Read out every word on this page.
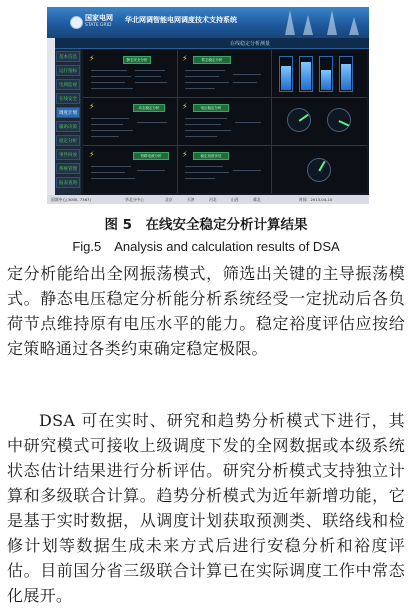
国家电网
STATE GRID
华北网调智能电网调度技术支持系统
在线稳定分析测量
基本信息
运行指标
电网监视
在线安全
调度计划
辅助决策
稳定分析
事件回放
系统管理
报表查询
⚡	静态安全分析	⚡	暂态稳定分析
⚡	动态稳定分析	⚡	电压稳定分析
⚡	短路电流分析	⚡	稳定裕度评估
国调中心(3000, 7367)	华北分中心	北京	天津	河北	山西	冀北	时间：2013-04-10
图 5　在线安全稳定分析计算结果
Fig.5　Analysis and calculation results of DSA

定分析能给出全网振荡模式，筛选出关键的主导振荡模式。静态电压稳定分析能分析系统经受一定扰动后各负荷节点维持原有电压水平的能力。稳定裕度评估应按给定策略通过各类约束确定稳定极限。

DSA 可在实时、研究和趋势分析模式下进行，其中研究模式可接收上级调度下发的全网数据或本级系统状态估计结果进行分析评估。研究分析模式支持独立计算和多级联合计算。趋势分析模式为近年新增功能，它是基于实时数据，从调度计划获取预测类、联络线和检修计划等数据生成未来方式后进行安稳分析和裕度评估。目前国分省三级联合计算已在实际调度工作中常态化展开。
